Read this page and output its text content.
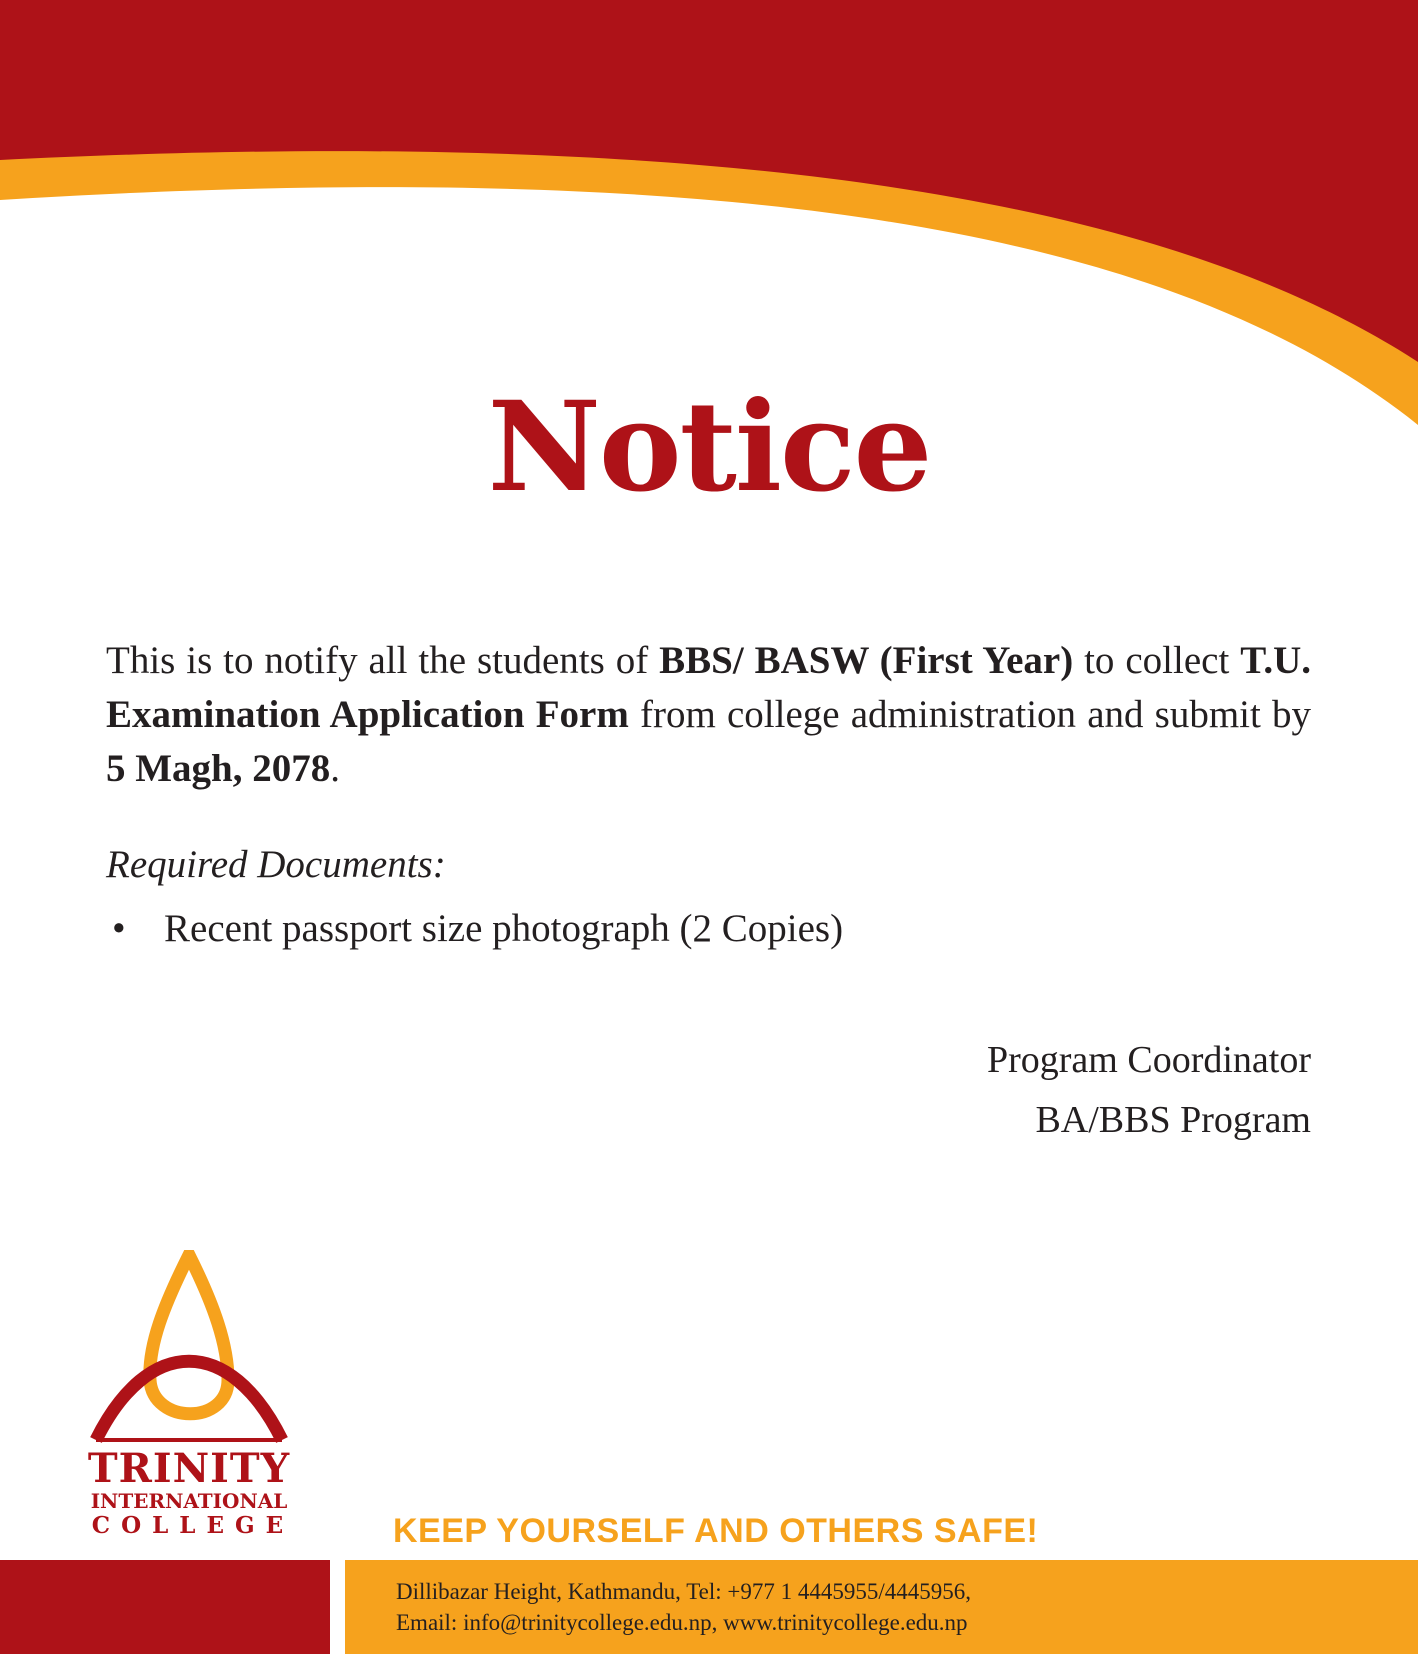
Notice

This is to notify all the students of BBS/ BASW (First Year) to collect T.U. Examination Application Form from college administration and submit by 5 Magh, 2078.

Required Documents:

• Recent passport size photograph (2 Copies)
Program Coordinator
BA/BBS Program
TRINITY
INTERNATIONAL
COLLEGE	KEEP YOURSELF AND OTHERS SAFE!

Dillibazar Height, Kathmandu, Tel: +977 1 4445955/4445956,
Email: info@trinitycollege.edu.np, www.trinitycollege.edu.np
